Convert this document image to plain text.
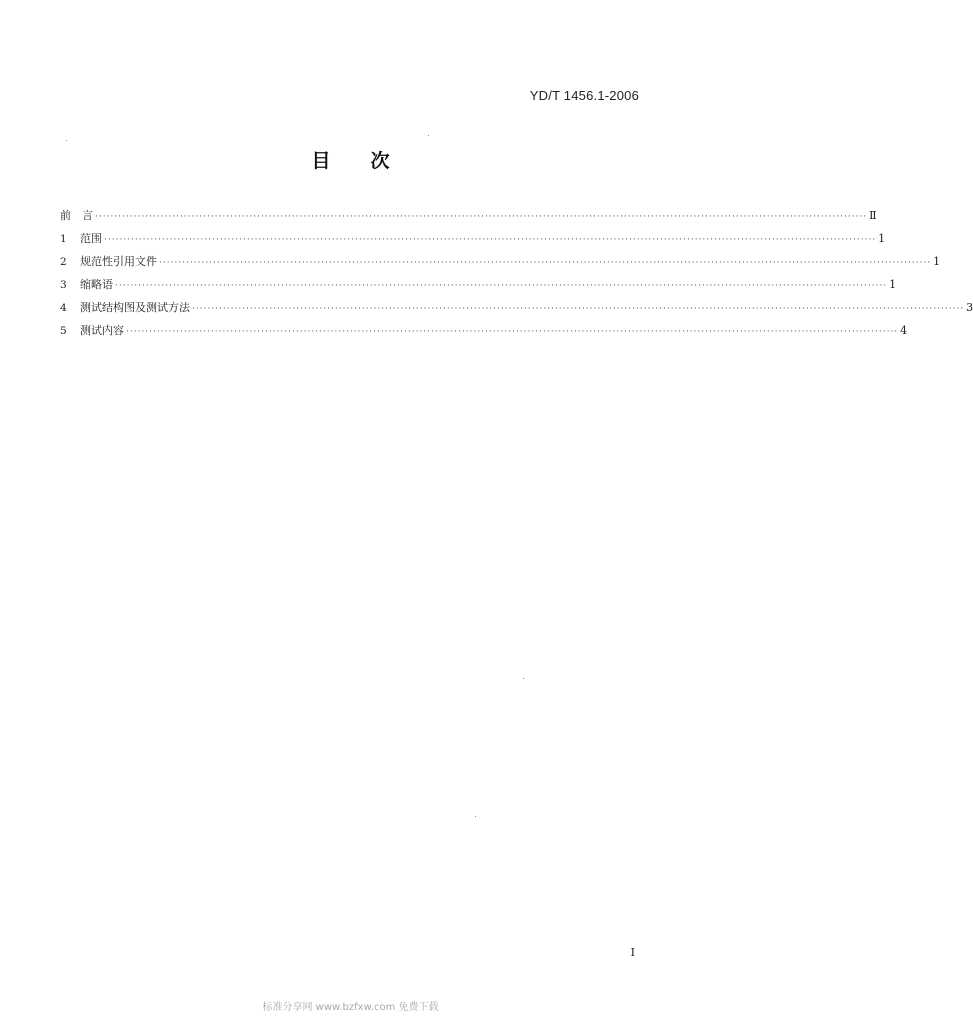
YD/T 1456.1-2006
目 次
前　言 ········································································································································································································ Ⅱ
1	范围 ········································································································································································································ 1
2	规范性引用文件 ········································································································································································································ 1
3	缩略语 ········································································································································································································ 1
4	测试结构图及测试方法 ········································································································································································································ 3
5	测试内容 ········································································································································································································ 4
Ⅰ
标准分享网 www.bzfxw.com 免费下载
